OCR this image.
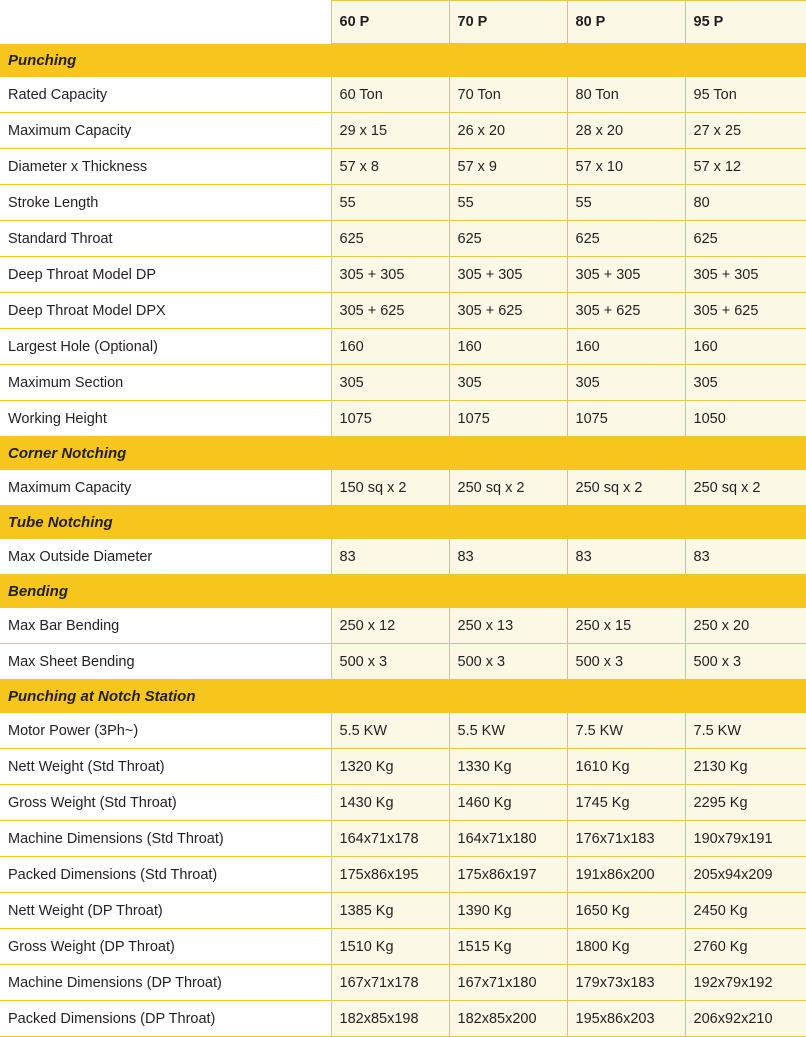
	60 P	70 P	80 P	95 P
Punching				
Rated Capacity	60 Ton	70 Ton	80 Ton	95 Ton
Maximum Capacity	29 x 15	26 x 20	28 x 20	27 x 25
Diameter x Thickness	57 x 8	57 x 9	57 x 10	57 x 12
Stroke Length	55	55	55	80
Standard Throat	625	625	625	625
Deep Throat Model DP	305 + 305	305 + 305	305 + 305	305 + 305
Deep Throat Model DPX	305 + 625	305 + 625	305 + 625	305 + 625
Largest Hole (Optional)	160	160	160	160
Maximum Section	305	305	305	305
Working Height	1075	1075	1075	1050
Corner Notching				
Maximum Capacity	150 sq x 2	250 sq x 2	250 sq x 2	250 sq x 2
Tube Notching				
Max Outside Diameter	83	83	83	83
Bending				
Max Bar Bending	250 x 12	250 x 13	250 x 15	250 x 20
Max Sheet Bending	500 x 3	500 x 3	500 x 3	500 x 3
Punching at Notch Station				
Motor Power (3Ph~)	5.5 KW	5.5 KW	7.5 KW	7.5 KW
Nett Weight (Std Throat)	1320 Kg	1330 Kg	1610 Kg	2130 Kg
Gross Weight (Std Throat)	1430 Kg	1460 Kg	1745 Kg	2295 Kg
Machine Dimensions (Std Throat)	164x71x178	164x71x180	176x71x183	190x79x191
Packed Dimensions (Std Throat)	175x86x195	175x86x197	191x86x200	205x94x209
Nett Weight (DP Throat)	1385 Kg	1390 Kg	1650 Kg	2450 Kg
Gross Weight (DP Throat)	1510 Kg	1515 Kg	1800 Kg	2760 Kg
Machine Dimensions (DP Throat)	167x71x178	167x71x180	179x73x183	192x79x192
Packed Dimensions (DP Throat)	182x85x198	182x85x200	195x86x203	206x92x210
